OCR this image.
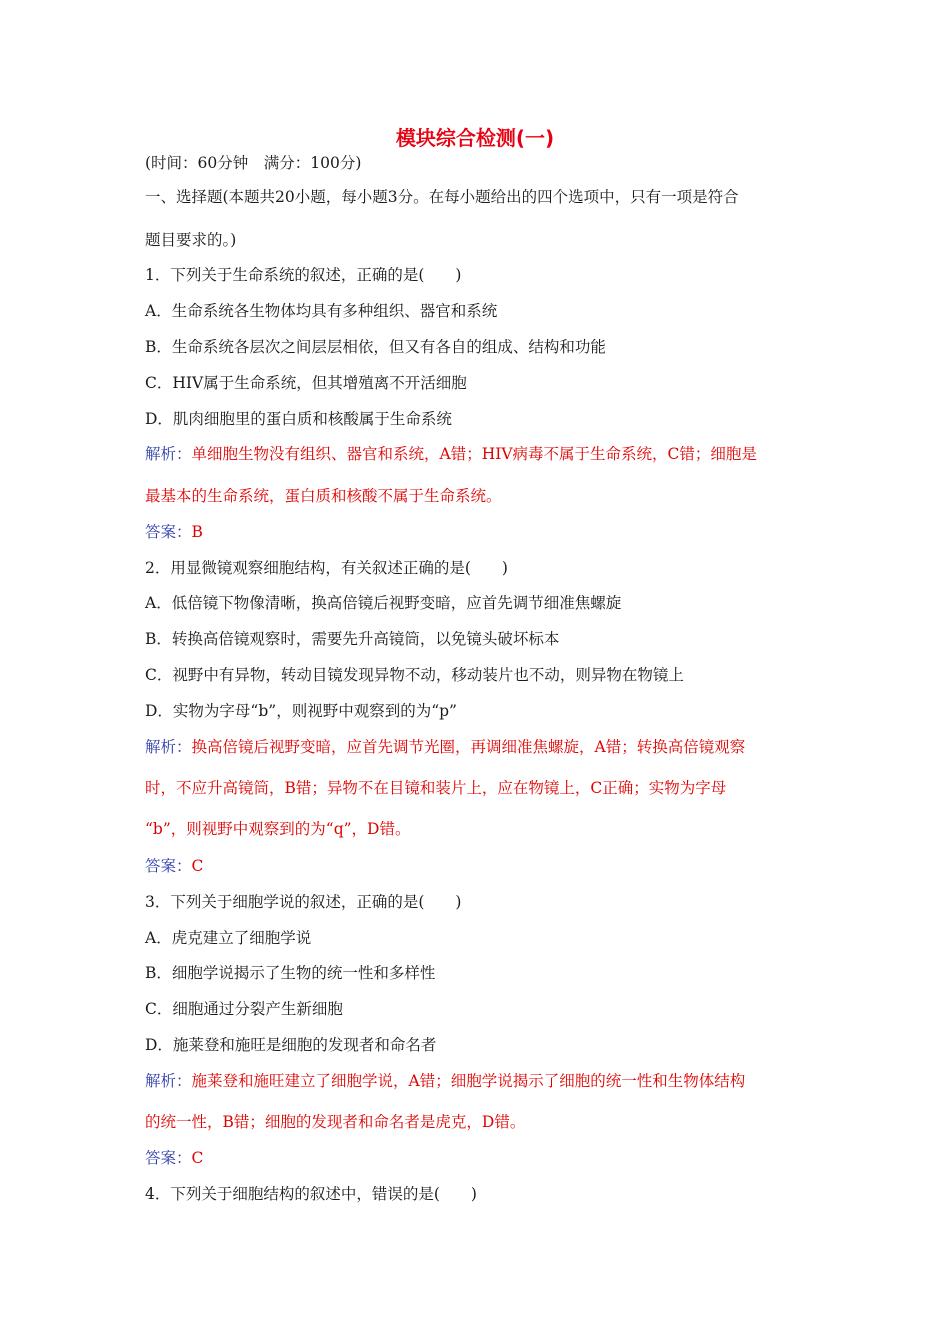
模块综合检测(一)
(时间：60分钟　满分：100分)
一、选择题(本题共20小题，每小题3分。在每小题给出的四个选项中，只有一项是符合
题目要求的。)
1．下列关于生命系统的叙述，正确的是(　　)
A．生命系统各生物体均具有多种组织、器官和系统
B．生命系统各层次之间层层相依，但又有各自的组成、结构和功能
C．HIV属于生命系统，但其增殖离不开活细胞
D．肌肉细胞里的蛋白质和核酸属于生命系统
解析：单细胞生物没有组织、器官和系统，A错；HIV病毒不属于生命系统，C错；细胞是
最基本的生命系统，蛋白质和核酸不属于生命系统。
答案：B
2．用显微镜观察细胞结构，有关叙述正确的是(　　)
A．低倍镜下物像清晰，换高倍镜后视野变暗，应首先调节细准焦螺旋
B．转换高倍镜观察时，需要先升高镜筒，以免镜头破坏标本
C．视野中有异物，转动目镜发现异物不动，移动装片也不动，则异物在物镜上
D．实物为字母“b”，则视野中观察到的为“p”
解析：换高倍镜后视野变暗，应首先调节光圈，再调细准焦螺旋，A错；转换高倍镜观察
时，不应升高镜筒，B错；异物不在目镜和装片上，应在物镜上，C正确；实物为字母
“b”，则视野中观察到的为“q”，D错。
答案：C
3．下列关于细胞学说的叙述，正确的是(　　)
A．虎克建立了细胞学说
B．细胞学说揭示了生物的统一性和多样性
C．细胞通过分裂产生新细胞
D．施莱登和施旺是细胞的发现者和命名者
解析：施莱登和施旺建立了细胞学说，A错；细胞学说揭示了细胞的统一性和生物体结构
的统一性，B错；细胞的发现者和命名者是虎克，D错。
答案：C
4．下列关于细胞结构的叙述中，错误的是(　　)
